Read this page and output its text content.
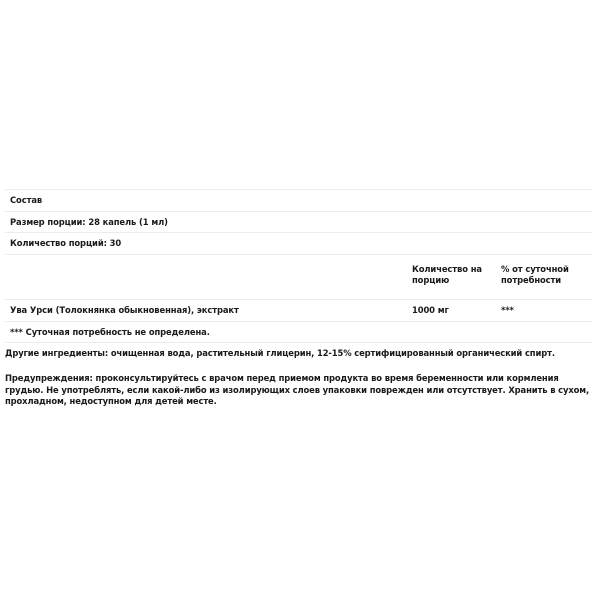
Состав
Размер порции: 28 капель (1 мл)
Количество порций: 30
Количество на порцию
% от суточной потребности
Ува Урси (Толокнянка обыкновенная), экстракт	1000 мг	***
*** Суточная потребность не определена.
Другие ингредиенты: очищенная вода, растительный глицерин, 12-15% сертифицированный органический спирт.
Предупреждения: проконсультируйтесь с врачом перед приемом продукта во время беременности или кормления грудью. Не употреблять, если какой-либо из изолирующих слоев упаковки поврежден или отсутствует. Хранить в сухом, прохладном, недоступном для детей месте.
